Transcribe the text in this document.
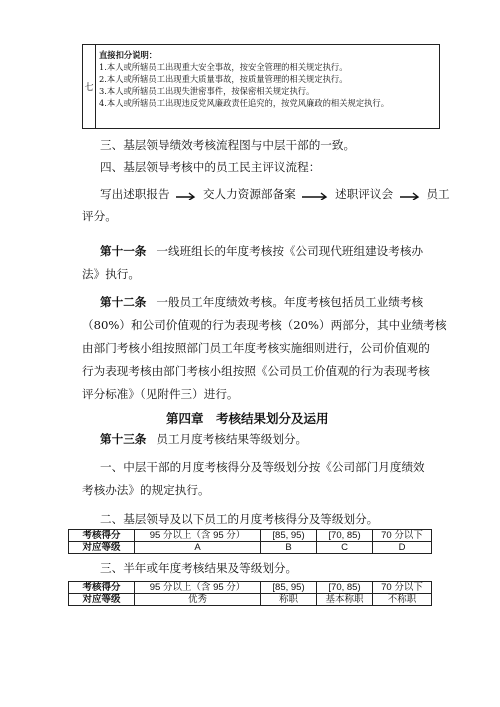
七
直接扣分说明：
1.本人或所辖员工出现重大安全事故，按安全管理的相关规定执行。
2.本人或所辖员工出现重大质量事故，按质量管理的相关规定执行。
3.本人或所辖员工出现失泄密事件，按保密相关规定执行。
4.本人或所辖员工出现违反党风廉政责任追究的，按党风廉政的相关规定执行。
三、基层领导绩效考核流程图与中层干部的一致。
四、基层领导考核中的员工民主评议流程：
写出述职报告	交人力资源部备案	述职评议会	员工
评分。
第十一条 一线班组长的年度考核按《公司现代班组建设考核办
法》执行。
第十二条 一般员工年度绩效考核。年度考核包括员工业绩考核
（80%）和公司价值观的行为表现考核（20%）两部分，其中业绩考核
由部门考核小组按照部门员工年度考核实施细则进行，公司价值观的
行为表现考核由部门考核小组按照《公司员工价值观的行为表现考核
评分标准》（见附件三）进行。
第四章　考核结果划分及运用
第十三条 员工月度考核结果等级划分。
一、中层干部的月度考核得分及等级划分按《公司部门月度绩效
考核办法》的规定执行。
二、基层领导及以下员工的月度考核得分及等级划分。
考核得分	95 分以上（含 95 分）	[85, 95)	[70, 85)	70 分以下
对应等级	A	B	C	D
三、半年或年度考核结果及等级划分。
考核得分	95 分以上（含 95 分）	[85, 95)	[70, 85)	70 分以下
对应等级	优秀	称职	基本称职	不称职
